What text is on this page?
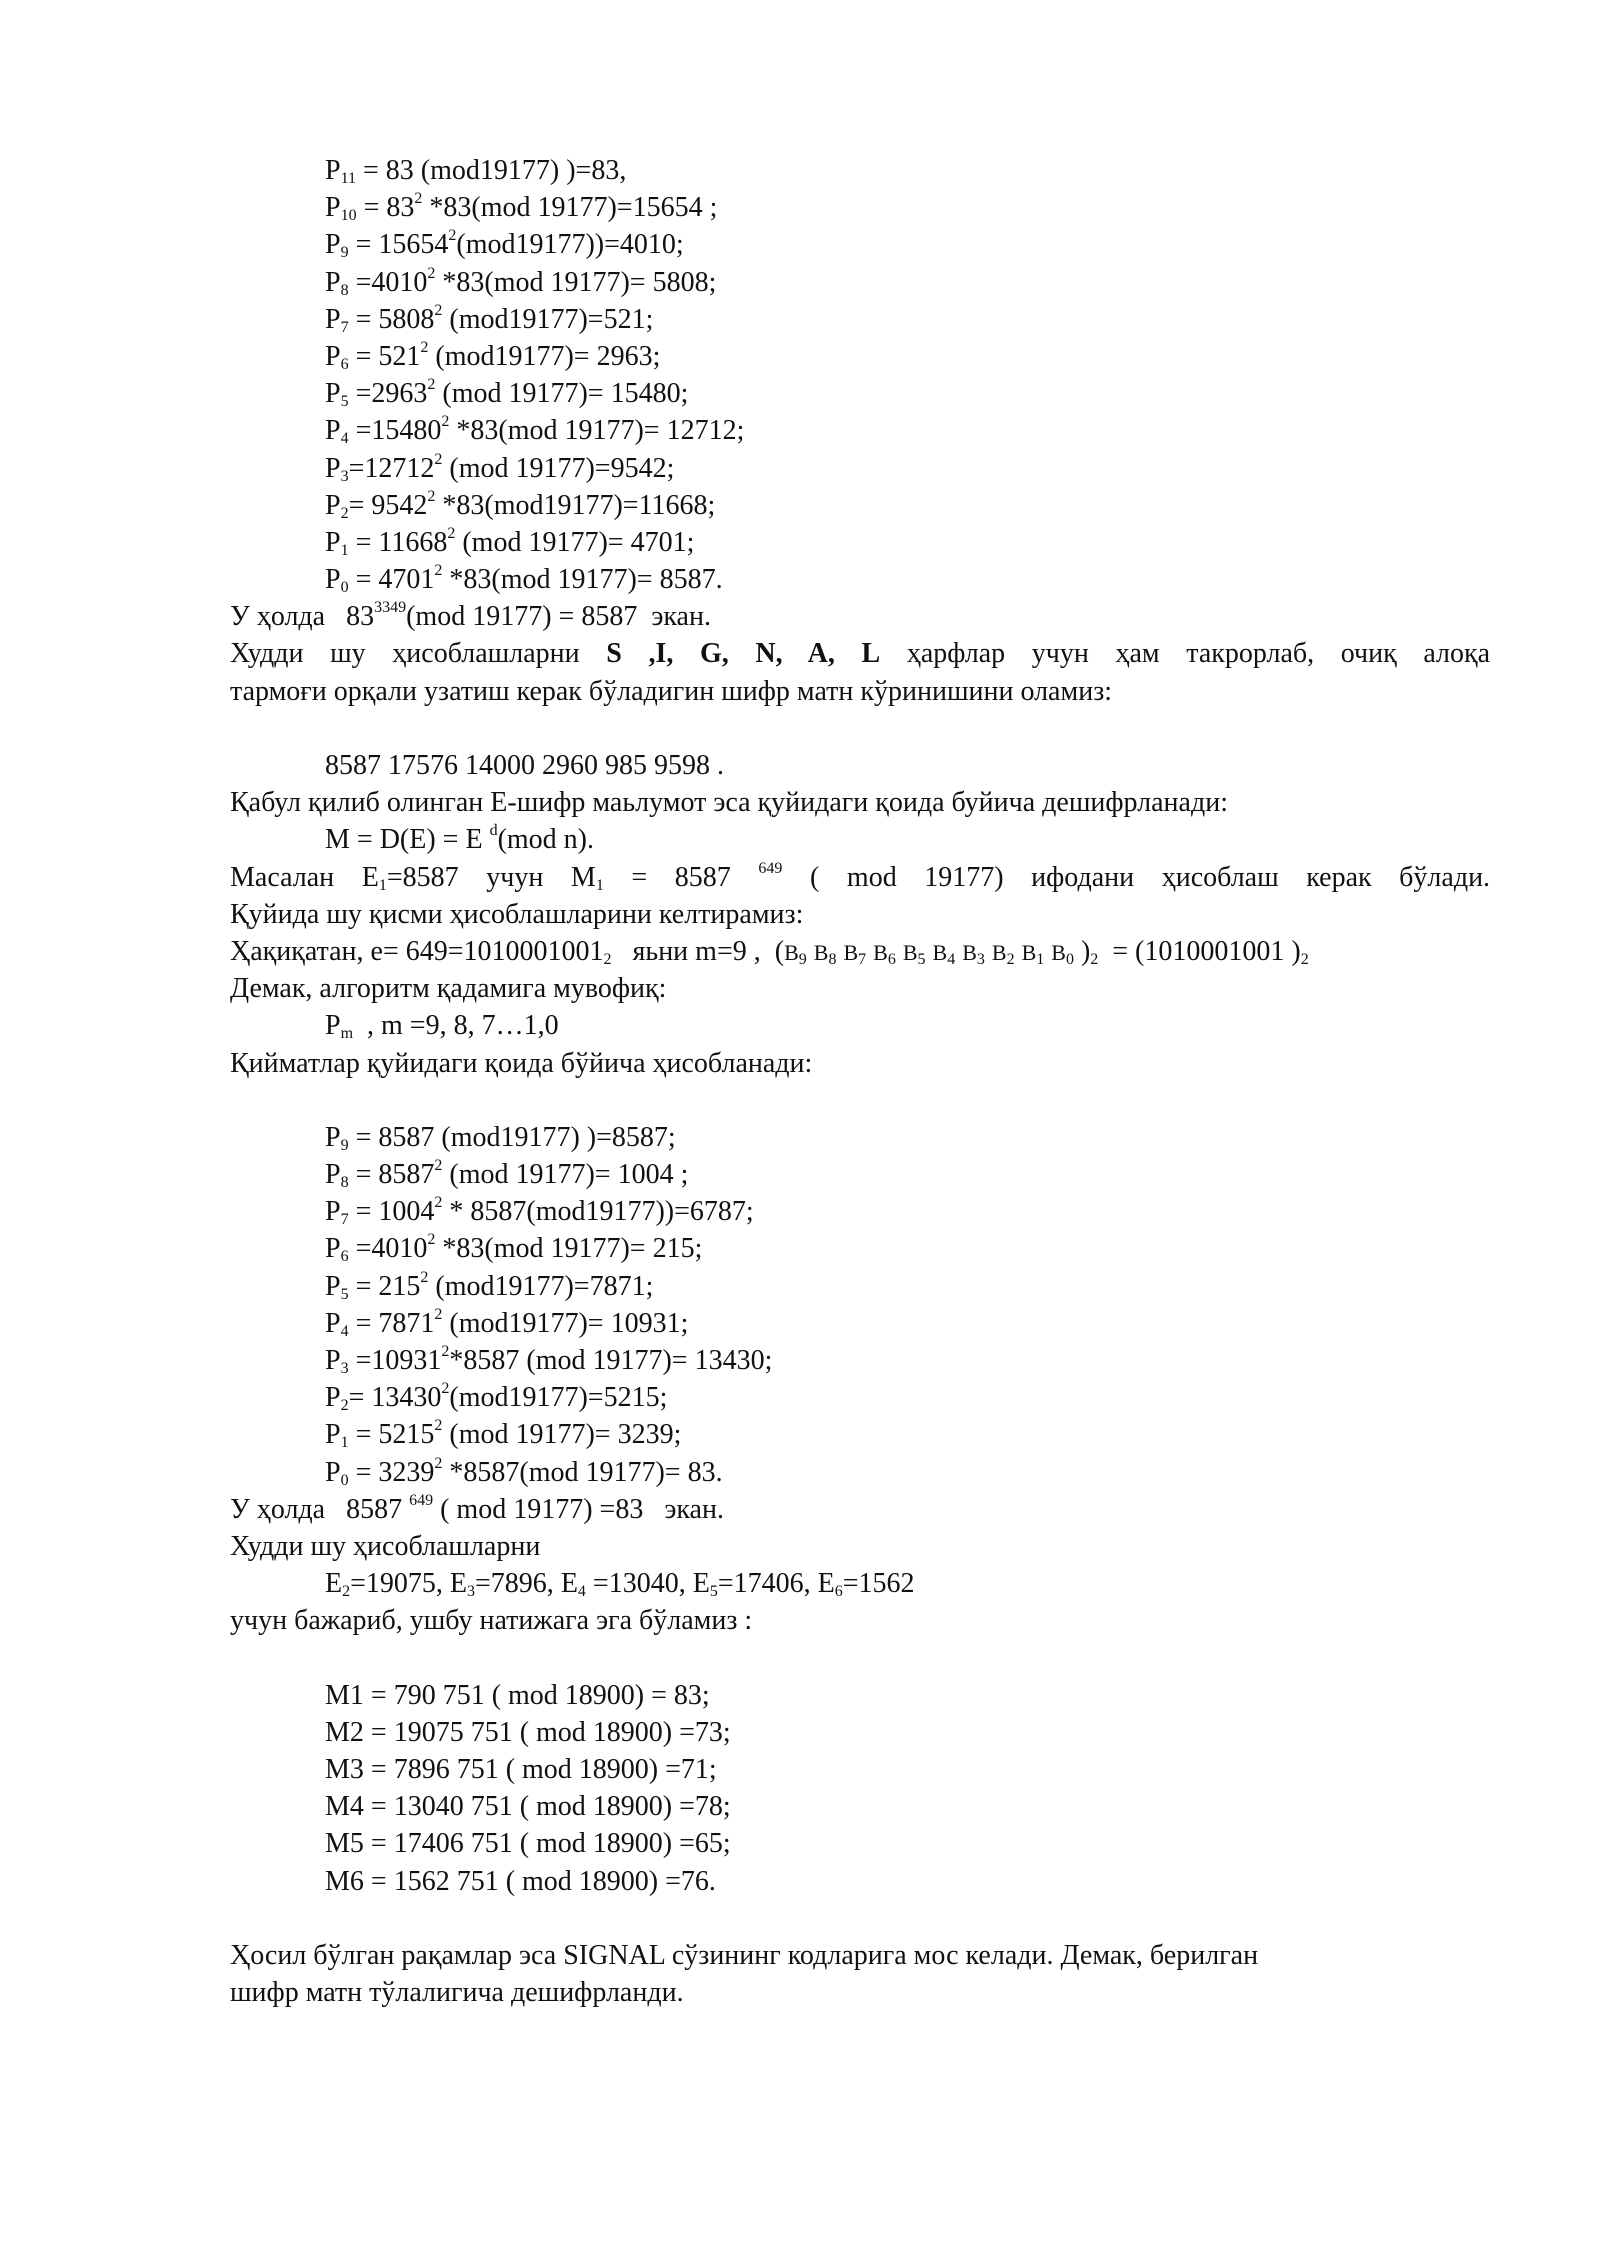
$P_{11} = 83$ (mod19177) )=83,
$P_{10} = 83^2$ *83(mod 19177)=15654 ;
$P_9 = 15654^2(mod19177))=4010$;
$P_8 =4010^2$ *83(mod 19177)= 5808;
$P_7 = 5808^2$ (mod19177)=521;
$P_6 = 521^2$ (mod19177)= 2963;
$P_5 =2963^2$ (mod 19177)= 15480;
$P_4 =15480^2$ *83(mod 19177)= 12712;
$P_3=12712^2$ (mod 19177)=9542;
$P_2= 9542^2$ *83(mod19177)=11668;
$P_1 = 11668^2$ (mod 19177)= 4701;
$P_0 = 4701^2$ *83(mod 19177)= 8587.
У ҳолда $83^{3349}(mod$ 19177) = 8587 экан.
Худди шу ҳисоблашларни S ,I, G, N, A, L ҳарфлар учун ҳам такрорлаб, очиқ алоқа
тармоғи орқали узатиш керак бўладигин шифр матн кўринишини оламиз:
8587 17576 14000 2960 985 9598 .
Қабул қилиб олинган E-шифр маьлумот эса қуйидаги қоида буйича дешифрланади:
M = D(E) = E $^d$(mod n).
Масалан $E_1=8587$ учун $M_1 = 8587$ $^{649}$ ( mod 19177) ифодани ҳисоблаш керак бўлади.
Қуйида шу қисми ҳисоблашларини келтирамиз:
Ҳақиқатан, $e= 649=1010001001_2$ яьни m=9 , ($B_9$ $B_8$ $B_7$ $B_6$ $B_5$ $B_4$ $B_3$ $B_2$ $B_1$ $B_0$ )$_2 = (1010001001$ )$_2$
Демак, алгоритм қадамига мувофиқ:
$P_m$ , m =9, 8, 7…1,0
Қийматлар қуйидаги қоида бўйича ҳисобланади:
$P_9 = 8587$ (mod19177) )=8587;
$P_8 = 8587^2$ (mod 19177)= 1004 ;
$P_7 = 1004^2 * 8587(mod19177))=6787$;
$P_6 =4010^2$ *83(mod 19177)= 215;
$P_5 = 215^2$ (mod19177)=7871;
$P_4 = 7871^2$ (mod19177)= 10931;
$P_3 =10931^2*8587$ (mod 19177)= 13430;
$P_2= 13430^2(mod19177)=5215$;
$P_1 = 5215^2$ (mod 19177)= 3239;
$P_0 = 3239^2$ *8587(mod 19177)= 83.
У ҳолда 8587 $^{649}$ ( mod 19177) =83 экан.
Худди шу ҳисоблашларни
$E_2=19075$, $E_3=7896$, $E_4 =13040$, $E_5=17406$, $E_6=1562$
учун бажариб, ушбу натижага эга бўламиз :
M1 = 790 751 ( mod 18900) = 83;
M2 = 19075 751 ( mod 18900) =73;
M3 = 7896 751 ( mod 18900) =71;
M4 = 13040 751 ( mod 18900) =78;
M5 = 17406 751 ( mod 18900) =65;
M6 = 1562 751 ( mod 18900) =76.
Ҳосил бўлган рақамлар эса SIGNAL сўзининг кодларига мос келади. Демак, берилган
шифр матн тўлалигича дешифрланди.
